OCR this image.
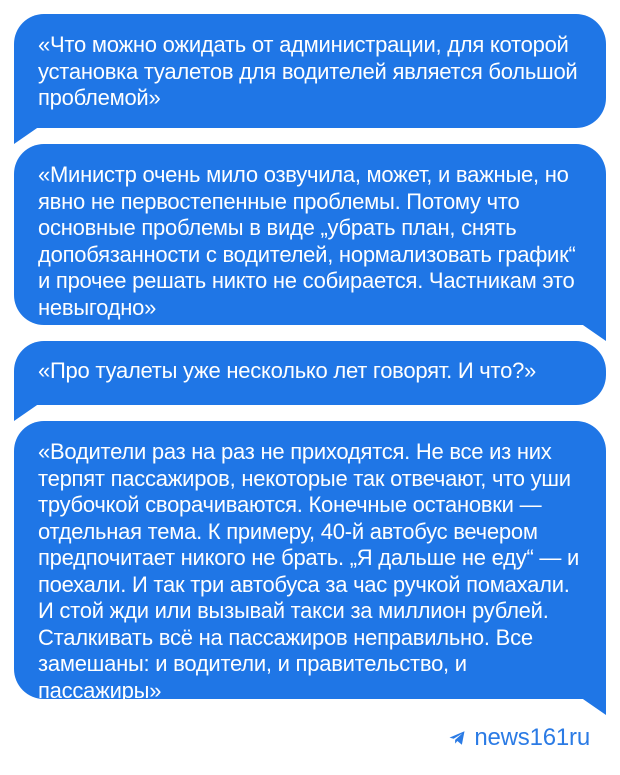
«Что можно ожидать от администрации, для которой установка туалетов для водителей является большой проблемой»
«Министр очень мило озвучила, может, и важные, но явно не первостепенные проблемы. Потому что основные проблемы в виде „убрать план, снять допобязанности с водителей, нормализовать график“ и прочее решать никто не собирается. Частникам это невыгодно»
«Про туалеты уже несколько лет говорят. И что?»
«Водители раз на раз не приходятся. Не все из них терпят пассажиров, некоторые так отвечают, что уши трубочкой сворачиваются. Конечные остановки — отдельная тема. К примеру, 40-й автобус вечером предпочитает никого не брать. „Я дальше не еду“ — и поехали. И так три автобуса за час ручкой помахали. И стой жди или вызывай такси за миллион рублей. Сталкивать всё на пассажиров неправильно. Все замешаны: и водители, и правительство, и пассажиры»
news161ru
